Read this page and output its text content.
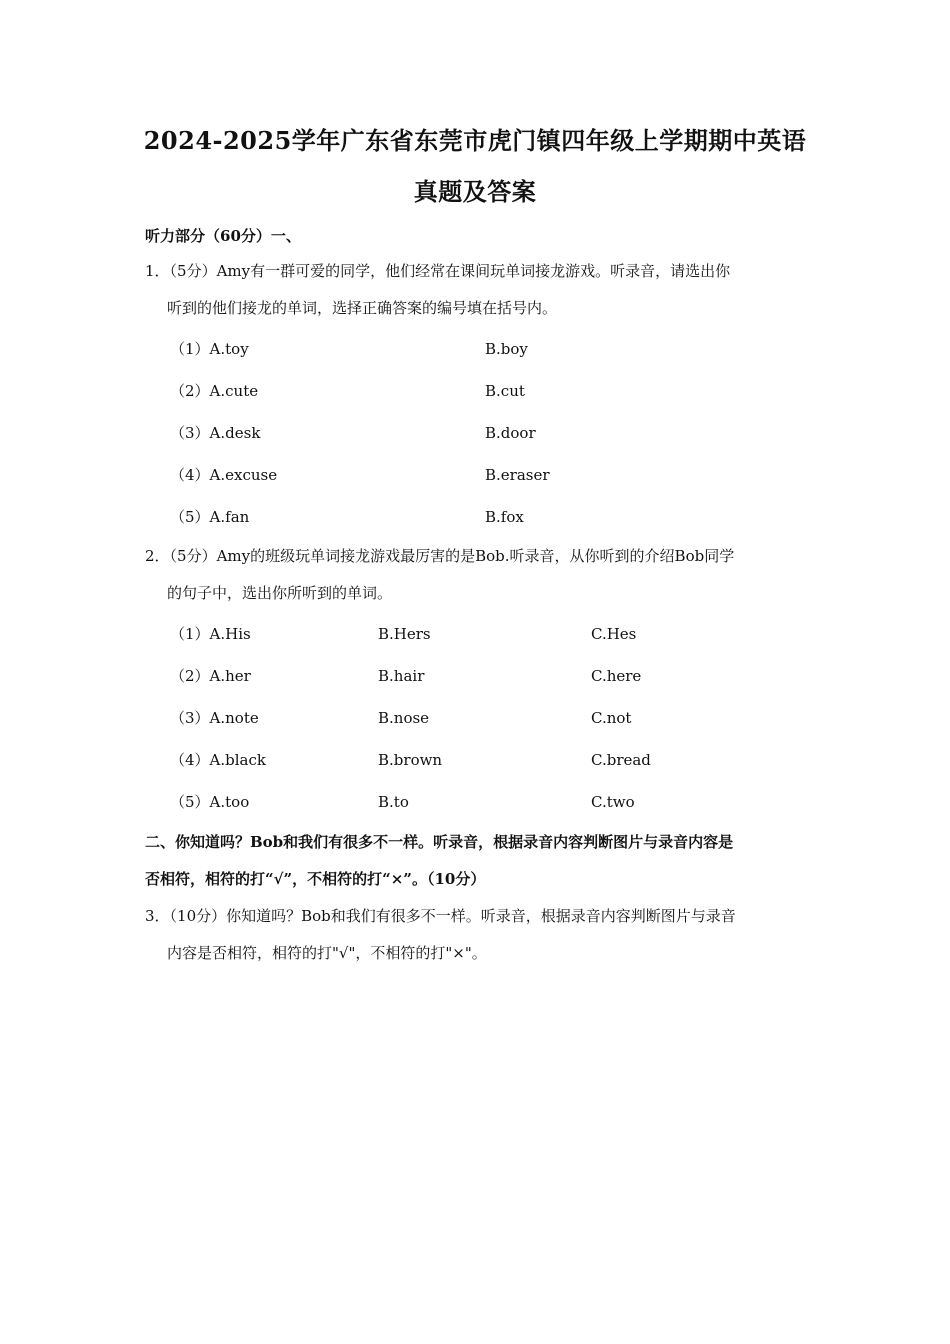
2024-2025学年广东省东莞市虎门镇四年级上学期期中英语
真题及答案
听力部分（60分）一、
1．（5分）Amy有一群可爱的同学，他们经常在课间玩单词接龙游戏。听录音，请选出你
听到的他们接龙的单词，选择正确答案的编号填在括号内。
（1）A.toy	B.boy
（2）A.cute	B.cut
（3）A.desk	B.door
（4）A.excuse	B.eraser
（5）A.fan	B.fox
2．（5分）Amy的班级玩单词接龙游戏最厉害的是Bob.听录音，从你听到的介绍Bob同学
的句子中，选出你所听到的单词。
（1）A.His	B.Hers	C.Hes
（2）A.her	B.hair	C.here
（3）A.note	B.nose	C.not
（4）A.black	B.brown	C.bread
（5）A.too	B.to	C.two
二、你知道吗？Bob和我们有很多不一样。听录音，根据录音内容判断图片与录音内容是
否相符，相符的打“√”，不相符的打“×”。（10分）
3．（10分）你知道吗？Bob和我们有很多不一样。听录音，根据录音内容判断图片与录音
内容是否相符，相符的打"√"，不相符的打"×"。
